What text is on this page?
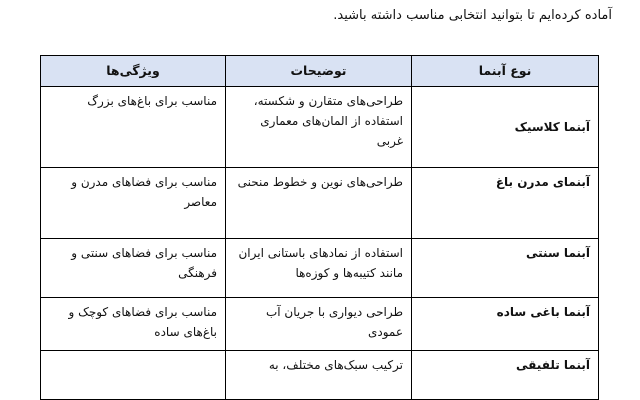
آماده کرده‌ایم تا بتوانید انتخابی مناسب داشته باشید.
نوع آبنما	توضیحات	ویژگی‌ها
آبنما کلاسیک	طراحی‌های متقارن و شکسته، استفاده از المان‌های معماری غربی	مناسب برای باغ‌های بزرگ
آبنمای مدرن باغ	طراحی‌های نوین و خطوط منحنی	مناسب برای فضاهای مدرن و معاصر
آبنما سنتی	استفاده از نمادهای باستانی ایران مانند کتیبه‌ها و کوزه‌ها	مناسب برای فضاهای سنتی و فرهنگی
آبنما باغی ساده	طراحی دیواری با جریان آب عمودی	مناسب برای فضاهای کوچک و باغ‌های ساده
آبنما تلفیقی	ترکیب سبک‌های مختلف، به	
